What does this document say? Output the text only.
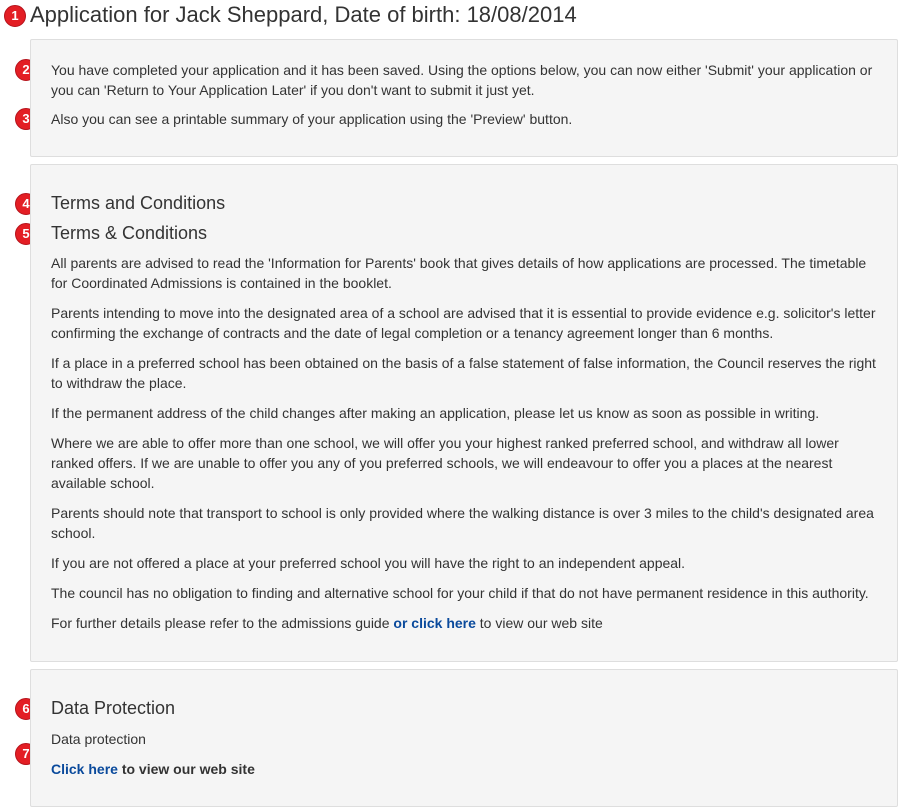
1
2
3
4
5
6
7
Application for Jack Sheppard, Date of birth: 18/08/2014

You have completed your application and it has been saved. Using the options below, you can now either 'Submit' your application or you can 'Return to Your Application Later' if you don't want to submit it just yet.

Also you can see a printable summary of your application using the 'Preview' button.

Terms and Conditions
Terms & Conditions

All parents are advised to read the 'Information for Parents' book that gives details of how applications are processed. The timetable for Coordinated Admissions is contained in the booklet.

Parents intending to move into the designated area of a school are advised that it is essential to provide evidence e.g. solicitor's letter confirming the exchange of contracts and the date of legal completion or a tenancy agreement longer than 6 months.

If a place in a preferred school has been obtained on the basis of a false statement of false information, the Council reserves the right to withdraw the place.

If the permanent address of the child changes after making an application, please let us know as soon as possible in writing.

Where we are able to offer more than one school, we will offer you your highest ranked preferred school, and withdraw all lower ranked offers. If we are unable to offer you any of you preferred schools, we will endeavour to offer you a places at the nearest available school.

Parents should note that transport to school is only provided where the walking distance is over 3 miles to the child's designated area school.

If you are not offered a place at your preferred school you will have the right to an independent appeal.

The council has no obligation to finding and alternative school for your child if that do not have permanent residence in this authority.

For further details please refer to the admissions guide or click here to view our web site

Data Protection

Data protection

Click here to view our web site
